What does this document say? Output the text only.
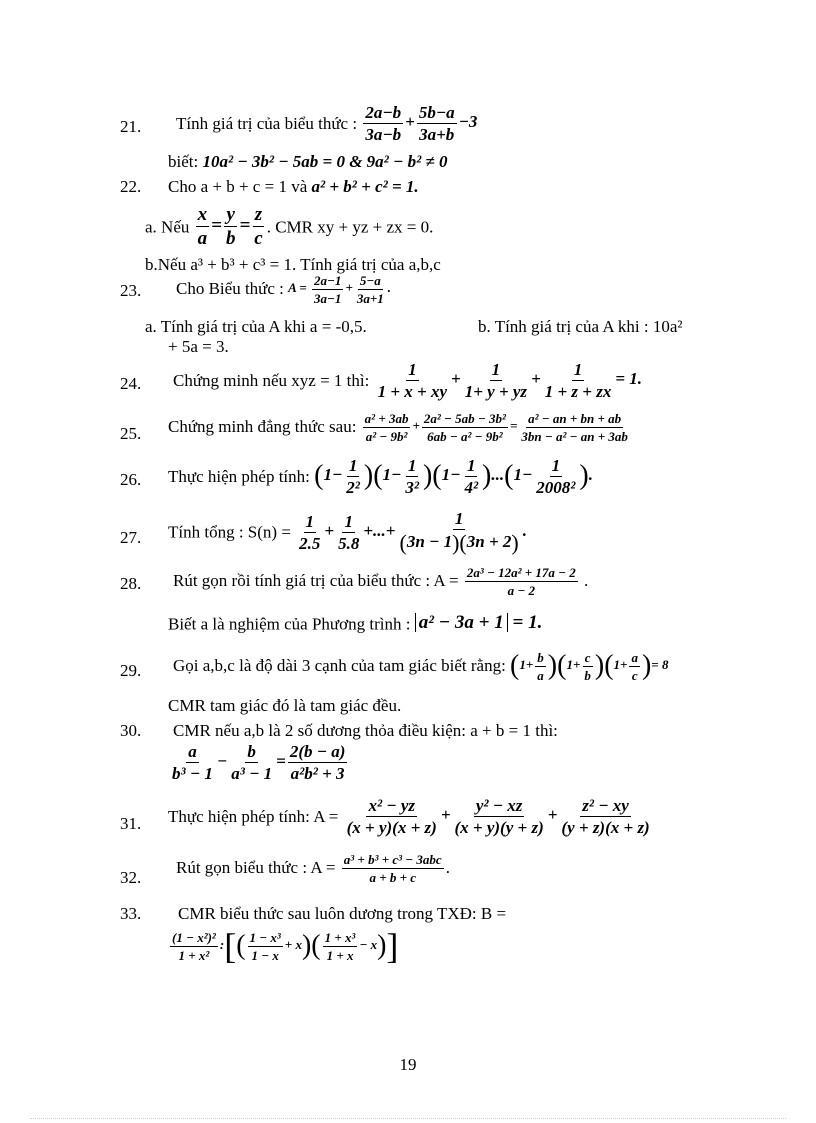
21. Tính giá trị của biểu thức : $\frac{2a-b}{3a-b} + \frac{5b-a}{3a+b} -3$
biết: 10a² − 3b² − 5ab = 0 & 9a² − b² ≠ 0
22. Cho a + b + c = 1 và a² + b² + c² = 1.
a. Nếu $\frac{x}{a} = \frac{y}{b} = \frac{z}{c}$ . CMR xy + yz + zx = 0.
b.Nếu a³ + b³ + c³ = 1. Tính giá trị của a,b,c
23. Cho Biểu thức : $A = \frac{2a-1}{3a-1} + \frac{5-a}{3a+1}$ .
a. Tính giá trị của A khi a = -0,5.	b. Tính giá trị của A khi : 10a²
+ 5a = 3.
24. Chứng minh nếu xyz = 1 thì: $\frac{1}{1 + x + xy} + \frac{1}{1+ y + yz} + \frac{1}{1 + z + zx} = 1$.
25. Chứng minh đẳng thức sau: $\frac{\text{a² + 3ab}}{\text{a² − 9b²}} + \frac{\text{2a² − 5ab − 3b²}}{\text{6ab − a² − 9b²}} = \frac{\text{a² − an + bn + ab}}{\text{3bn − a² − an + 3ab}}$
26. Thực hiện phép tính: $(1- \frac{1}{\text{2²}} )(1- \frac{1}{\text{3²}} )(1- \frac{1}{\text{4²}} )...(1- \frac{1}{\text{2008²}}$ ).
27. Tính tổng : $S(n) = \frac{1}{2.5} + \frac{1}{5.8}$ +...+ $\frac{1}{(3n - 1)(3n + 2)}$ .
28. Rút gọn rồi tính giá trị của biểu thức : $A = \frac{\text{2a³ − 12a² + 17a − 2}}{a - 2}$ .
Biết a là nghiệm của Phương trình : a² − 3a + 1 = 1.
29. Gọi a,b,c là độ dài 3 cạnh của tam giác biết rằng: $(1+ \frac{b}{a} )(1+ \frac{c}{b} )(1+ \frac{a}{c}$ )= 8
CMR tam giác đó là tam giác đều.
30. CMR nếu a,b là 2 số dương thỏa điều kiện: a + b = 1 thì:
$\frac{a}{\text{b³ − 1}} - \frac{b}{\text{a³ − 1}} = \frac{2(b - a)}{\text{a²b² + 3}}$
31. Thực hiện phép tính: $A = \frac{\text{x² − yz}}{(x + y)(x + z)} + \frac{\text{y² − xz}}{(x + y)(y + z)} + \frac{\text{z² − xy}}{(y + z)(x + z)}$
32.
Rút gọn biểu thức : $A = \frac{\text{a³ + b³ + c³ − 3abc}}{a + b + c}$ .
33. CMR biểu thức sau luôn dương trong TXĐ: B =
$\frac{\text{(1 − x²)²}}{\text{1 + x²}}$ :[( $\frac{\text{1 − x³}}{1 - x} + x)( \frac{\text{1 + x³}}{1 + x} - x)$]
19
